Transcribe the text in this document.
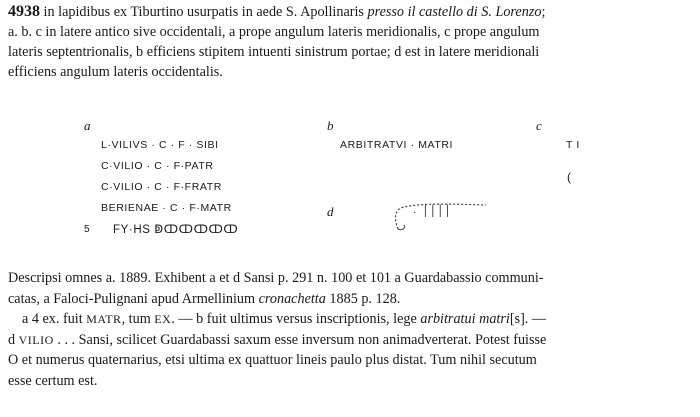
4938 in lapidibus ex Tiburtino usurpatis in aede S. Apollinaris presso il castello di S. Lorenzo;
a. b. c in latere antico sive occidentali, a prope angulum lateris meridionalis, c prope angulum
lateris septentrionalis, b efficiens stipitem intuenti sinistrum portae; d est in latere meridionali
efficiens angulum lateris occidentalis.
a	b	c
d
L·VILIVS · C · F · SIBI
C·VILIO · C · F·PATR
C·VILIO · C · F·FRATR
BERIENAE · C · F·MATR
5 FY·HS ↁↀↀↀↀↀ
ARBITRATVI · MATRI	T I
(
· ׀׀׀׀
Descripsi omnes a. 1889. Exhibent a et d Sansi p. 291 n. 100 et 101 a Guardabassio communi-
catas, a Faloci-Pulignani apud Armellinium cronachetta 1885 p. 128.
a 4 ex. fuit MATR, tum EX. — b fuit ultimus versus inscriptionis, lege arbitratui matri[s]. —
d VILIO . . . Sansi, scilicet Guardabassi saxum esse inversum non animadverterat. Potest fuisse
O et numerus quaternarius, etsi ultima ex quattuor lineis paulo plus distat. Tum nihil secutum
esse certum est.
